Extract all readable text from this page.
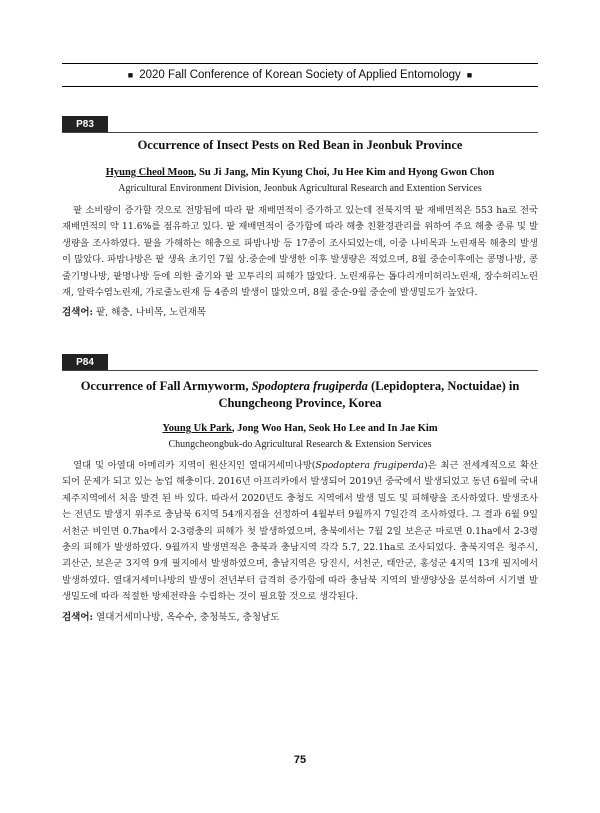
■ 2020 Fall Conference of Korean Society of Applied Entomology ■
P83
Occurrence of Insect Pests on Red Bean in Jeonbuk Province
Hyung Cheol Moon, Su Ji Jang, Min Kyung Choi, Ju Hee Kim and Hyong Gwon Chon
Agricultural Environment Division, Jeonbuk Agricultural Research and Extention Services
팥 소비량이 증가할 것으로 전망됨에 따라 팥 재배면적이 증가하고 있는데 전북지역 팥 재배면적은 553 ha로 전국 재배면적의 약 11.6%를 점유하고 있다. 팥 재배면적이 증가함에 따라 해충 친환경관리를 위하여 주요 해충 종류 및 발생량을 조사하였다. 팥을 가해하는 해충으로 파밤나방 등 17종이 조사되었는데, 이중 나비목과 노린재목 해충의 발생이 많았다. 파밤나방은 팥 생육 초기인 7월 상.중순에 발생한 이후 발생량은 적었으며, 8월 중순이후에는 콩명나방, 콩줄기명나방, 팥명나방 등에 의한 줄기와 팥 꼬투리의 피해가 많았다. 노린재류는 톱다리개미허리노린재, 장수허리노린재, 알락수염노린재, 가로줄노린재 등 4종의 발생이 많았으며, 8월 중순-9월 중순에 발생밀도가 높았다.
검색어: 팥, 해충, 나비목, 노린재목
P84
Occurrence of Fall Armyworm, Spodoptera frugiperda (Lepidoptera, Noctuidae) in
Chungcheong Province, Korea
Young Uk Park, Jong Woo Han, Seok Ho Lee and In Jae Kim
Chungcheongbuk-do Agricultural Research & Extension Services
열대 및 아열대 아메리카 지역이 원산지인 열대거세미나방(Spodoptera frugiperda)은 최근 전세계적으로 확산되어 문제가 되고 있는 농업 해충이다. 2016년 아프리카에서 발생되어 2019년 중국에서 발생되었고 동년 6월에 국내 제주지역에서 처음 발견 된 바 있다. 따라서 2020년도 충청도 지역에서 발생 밀도 및 피해량을 조사하였다. 발생조사는 전년도 발생지 위주로 충남북 6지역 54개지점을 선정하여 4월부터 9월까지 7일간격 조사하였다. 그 결과 6월 9일 서천군 비인면 0.7ha에서 2-3령충의 피해가 첫 발생하였으며, 충북에서는 7월 2일 보은군 마로면 0.1ha에서 2-3령충의 피해가 발생하였다. 9월까지 발생면적은 충북과 충남지역 각각 5.7, 22.1ha로 조사되었다. 충북지역은 청주시, 괴산군, 보은군 3지역 9개 필지에서 발생하였으며, 충남지역은 당진시, 서천군, 태안군, 홍성군 4지역 13개 필지에서 발생하였다. 열대거세미나방의 발생이 전년부터 급격히 증가함에 따라 충남북 지역의 발생양상을 분석하여 시기별 발생밀도에 따라 적절한 방제전략을 수립하는 것이 필요할 것으로 생각된다.
검색어: 열대거세미나방, 옥수수, 충청북도, 충청남도
75
